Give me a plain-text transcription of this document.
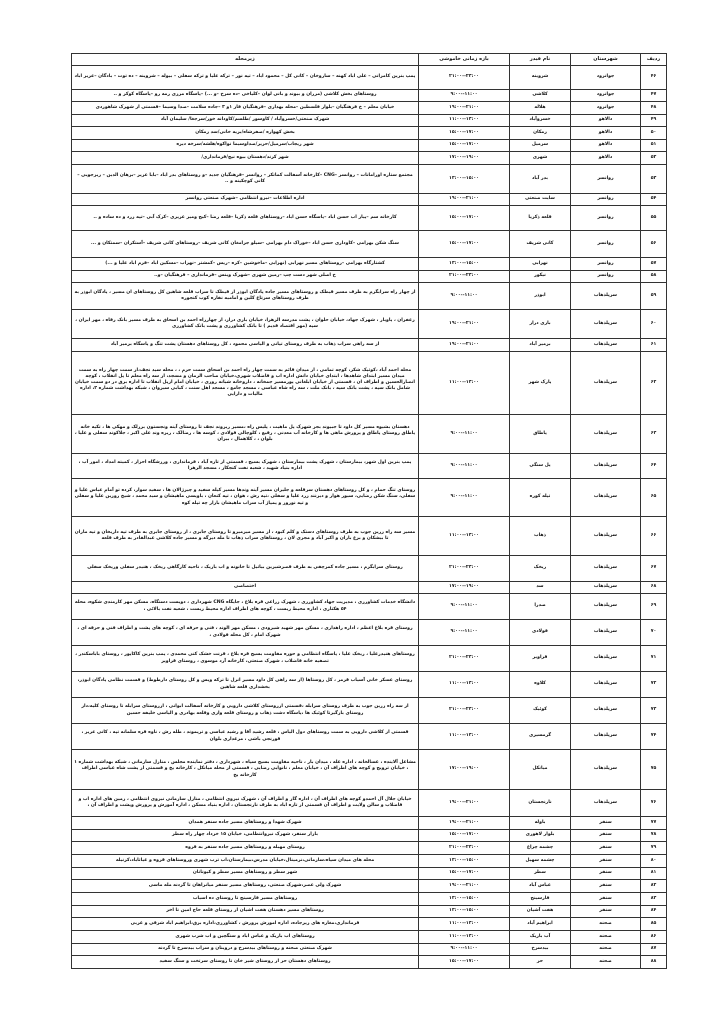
ردیف	شهرستان	نام فیدر	بازه زمانی خاموشی	زیرمحله
۴۶	جوانرود	شروینه	۲۱:۰۰--۲۳:۰۰	پمپ بنزین کامرانی – علی اباد کهنه – ساروخان – کانی کل – محمود اباد – تپه نور – ترکه علیا و ترکه سفلی – بیوله – شروینه – ده توت – بادگان –عزیز اباد
۴۷	جوانرود	کلاشی	۹:۰۰--۱۱:۰۰	روستاهای بخش کلاشی (مزران و بیوند و بانی لوان –کلیاخی –ده سرخ –و ...) –پاسگاه مرزی رمه رو –پاسگاه کوکر و ..
۴۸	جوانرود	هلاله	۱۹:۰۰--۲۱:۰۰	خیابان معلم – خ فرهنگیان –بلوار فلسطین –محله بهداری –فرهنگیان فاز ۱و ۳ –جاده سلامت –صدا وسیما –قسمتی از شهرک شاهوردی
۴۹	دالاهو	خسروآباد	۱۱:۰۰--۱۳:۰۰	شهرک صنعتی/خسروآباد / کاوسور /طلسم/کاودانه خور/سرجغا/ سلیمان آباد
۵۰	دالاهو	زمکان	۱۵:۰۰--۱۷:۰۰	بخش کهواره /صفرشاه/بریه خانی/سد زمکان
۵۱	دالاهو	سرمیل	۱۵:۰۰--۱۷:۰۰	شهر ریجاب/سرمیل/حریر/صداوسیما نواکوه/هلشه/سرخه دیزه
۵۲	دالاهو	شهری	۱۷:۰۰--۱۹:۰۰	شهر کرند/دهستان بیوه نیج/فرمانداری/
۵۳	روانسر	بدر آباد	۱۳:۰۰--۱۵:۰۰	مجتمع ستاره اورامانات – روانسر –CNG –کارخانه آسفالت کماتکر – روانسر –فرهنگیان جدید –و روستاهای بدر اباد –بابا عزیز –برهان الدین – زیرجوبی – کانی کوچکینه و ..
۵۴	روانسر	سایت صنعتی	۱۹:۰۰--۲۱:۰۰	اداره اطلاعات –نیرو انتظامی –شهرک صنعتی روانسر
۵۵	روانسر	قلعه ذکریا	۱۵:۰۰--۱۷:۰۰	کارخانه سم –پیاز اب حسن اباد –پاسگاه حسن اباد –روستاهای قلعه ذکریا –قلعه رضا –کیج ومیر عزیزی –کرک آبی –تپه زرد و ده ساده و ..
۵۶	روانسر	کانی شریف	۱۵:۰۰--۱۷:۰۰	سنگ شکن بهرامی –کاوداری حسن اباد –خوراک دام بهرامی –سیلو جرامغان کانی شریف –روستاهای کانی شریف –آستکران –سمتکان و ...
۵۷	روانسر	نهرابی	۱۳:۰۰--۱۵:۰۰	کشتارگاه بهرامی –روستاهای مسیر نهرابی (نهرابی –ماخوشین –کره –ریس –کمشتر –نهراب –مسکین اباد –فرم اباد علیا و ...)
۵۸	روانسر	نیکور	۲۱:۰۰--۲۳:۰۰	خ اصلی شهر دست چپ –زمین شهری –شهرک وینس –فرمانداری – فرهنگیان –و..
۵۹	سرپلذهاب	ابوذر	۹:۰۰--۱۱:۰۰	از چهار راه سرابگرم به طرف مسیر قیطک و روستاهای مسیر جاده پادگان ابوذر از قیطک تا سراب قلعه شاهین کل روستاهای ان مسیر ، پادگان ابوذر به طرف روستاهای سرتاغ کلین و امامیه نقاره کوب کنجوره
۶۰	سرپلذهاب	بازی دراز	۱۹:۰۰--۲۱:۰۰	زعفران ، پاوبار ، شهرک جهاد، خیابان حلوان ، پشت مدرسه الزهرا، خیابان بازی دراز، از چهارراه احمد بن اسحاق به طرف مسیر بانک رفاه ، مهر ایران ، سپه (مهر اقتصاد قدیم ) تا بانک کشاورزی و پشت بانک کشاورزی
۶۱	سرپلذهاب	بزمیر آباد	۱۹:۰۰--۲۱:۰۰	از سه راهی سراب ذهاب به طرف روستای تپانی و الیاسی محمود ، کل روستاهای دهستان پشت تنگ و پاسگاه بزمیر آباد
۶۲	سرپلذهاب	پارک شهر	۱۱:۰۰--۱۳:۰۰	محله احمد آباد ،کوثیک شکر، کوچه تمامی ، از میدان قائم به سمت چهار راه احمد بن اسحاق سمت حرم ، ، محله سید نجف،از سمت چهار راه به سمت میدان مسیر ابتدای شاهدها ، ابتدای خیابان دانش اداره اب و فاضلاب شهری،خیابان صاحب الزمان و مسجد، از سه راه معلم تا پل انقلاب ، کوچه انصارالحسین و اطراف ان ، قسمتی از خیابان ابلغانی پورمسیر جمخانه ، داروخانه شبانه روزی ، خیابان امام ازپل انقلاب تا اداره برق در دو سمت خیابان شامل بانک سپه ، پشت بانک سپه ، بانک ملت ، سه راه شاه عباسی ، مسجد جامع ، مسجد اهل سنت ، کبابی سیروان ، شبکه بهداشت شماره ۲، اداره مالیات و دارایی
۶۳	سرپلذهاب	پاطاق	۹:۰۰--۱۱:۰۰	دهستان بشیوه مسیر کل داود تا جبیوند بجز شهرک پل ماهیت ، پلیس راه ،مسیر ریزوند نجف تا روستای آینه ونجستون برزلک و مهکی ها ، تکیه خانه پاطاق روستای پاطاق و پرورش ماهی ها و کارخانه آب معدنی ، رفیع ، کلوچالی فولادی ، کوسه ها ، رضالک ، ریزه وند علی اکبر ، جلاکوند سفلی و علیا ، بلوان ، ، کلاهمال ، بیران
۶۴	سرپلذهاب	پل سنگی	۹:۰۰--۱۱:۰۰	پمپ بنزین اول شهر، بیمارستان ، شهرک پشت بیمارستان ، شهرک بسیج ، قسمتی از تازه آباد ، فرمانداری ، ورزشگاه احراز ، کمیته امداد ، امور آب ، اداره بنیاد شهید ، شعبه نفت کنجکاز ، مسجد الزهرا
۶۵	سرپلذهاب	تپله کوره	۹:۰۰--۱۱:۰۰	روستای تنگ حمام ، و کل روستاهای دهستان سرقلعه و جلیران مسیر آینه وندها مسیر کیله سفید و چیرژالان ها ، سفید سوار، کرده تو آمام عباس علیا و سفلی، سنگ شکن رضایی، سیور هوار و دیرنند زرد علیا و سفلی ،تپه رش ، هوان ، تپه کنعان ، باویسی ماهیشان و سید محمد ، شیخ روزین علیا و سفلی و تپه نوروز و پمپاژ آب سراب ماهیشان بازار چه تپله کوه
۶۶	سرپلذهاب	ذهاب	۱۱:۰۰--۱۳:۰۰	مسیر سه راه زرین جوب به طرف روستاهای دستک و کلم کبود ، از مسیر میرمیرو تا روستای جابری ، از روستای جابری به طرف تپه داریخان و تپه ماران تا بیشکان و برغ باران و اکبر آباد و مجری لان ، روستاهای سراب ذهاب تا مله دیزگه و مسیر جاده کلاشی عبدالقادر به طرف قلعه
۶۷	سرپلذهاب	ریخک	۲۱:۰۰--۲۳:۰۰	روستای سرابگرم ، مسیر جاده کمرچقی به طرف قصرشیرین بیاتیل تا خانونه و اب باریک ، ناحیه کارگاهی ریخک ، هنیدر سفلی وریخک سفلی
۶۸	سرپلذهاب	سد	۱۷:۰۰--۱۹:۰۰	اختصاصی
۶۹	سرپلذهاب	صدرا	۹:۰۰--۱۱:۰۰	دانشگاه خدمات کشاورزی ، مدیریت جهاد کشاورزی ، شهرک زراعی قره بلاغ ، جایگاه CNG شهرداری ، دویست دستگاه، مسکن مهر کارمندی شکوه، محله ۵۴ هکتاری ، اداره محیط زیست ، کوچه های اطراف اداره محیط زیست ، شعبه نفت بالائی ،
۷۰	سرپلذهاب	فولادی	۹:۰۰--۱۱:۰۰	روستای قره بلاغ اعظم ، اداره راهداری ، مسکن مهر شهید شیرودی ، مسکن مهر الوند ، فنی و حرفه ای ، کوچه های پشت و اطراف فنی و حرفه ای ، شهرک امام ، کل محله فولادی ،
۷۱	سرپلذهاب	قراویز	۲۱:۰۰--۲۳:۰۰	روستاهای هنیدرعلیا ، ریخک علیا ، پاسگاه انتظامی و حوزه مقاومت بسیج قره بلاغ ، قرنت خشک کنی محمدی ، پمپ بنزین کاکاپور ، روستای باباسکندر ، تصفیه خانه فاضلاب ، شهرک صنعتی، کارخانه آرد موسوی ، روستای قراویز
۷۲	سرپلذهاب	کلاوه	۱۱:۰۰--۱۳:۰۰	روستای عسکر خانی آسیاب قرمز ، کل روستاها (از سه راهی کل داود مسیر انزل تا ترکه ویس و کل روستای دارطوط) و قسمت نظامی پادگان ابوذر، بخشداری قلعه شاهین
۷۳	سرپلذهاب	کوئیک	۲۱:۰۰--۲۳:۰۰	از سه راه زرین جوب به طرف روستای سرابله ،قسمتی ازروستای کلاشی دارویی و کارخانه آسفالت ابوانی ، ازروستای سرابله تا روستای کلیه،داز روستای بازگیرتا کوئیک ها ،پاسگاه دشت ذهاب و روستای قلعه وازی وقلعه بهادری و الیاسی خلیفه حسین
۷۴	سرپلذهاب	گرمسیری	۱۱:۰۰--۱۳:۰۰	قسمتی از کلاشی دارویی به سمت روستاهای دول الیاس ، قلعه رشید آقا و رشید عباسی و تریموند ، طله رش ، ناوه قره سلمانه تپه ، کانی عزیز ، قورنجی باشی ، مرغداری بلوان
۷۵	سرپلذهاب	میانکل	۱۷:۰۰--۱۹:۰۰	مشاغل آلاینده ، غسالخانه ، اداره غله ، میدان بار ، ناحیه مقاومت بسیج سپاه ، شهرداری ، دفتر نماینده مجلس ، منازل سازمانی ، شبکه بهداشت شماره ۱ ، خیابان ترویج و کوچه های اطراف آن ، خیابان معلم ، نانوایی رضایی ، قسمتی از محله میانکل ، کارخانه یخ و قسمتی از پشت شاه عباسی اطراف کارخانه یخ
۷۶	سرپلذهاب	نارنجستان	۱۹:۰۰--۲۱:۰۰	خیابان جلال آل احمدو کوچه های اطراف آن ، اداره گاز و اطراف آن ، شهرک نیروی انتظامی ، منازل سازمانی نیروی انتظامی ، زمین های اداره اب و فاضلاب و سالن ولایت و اطراف آن قسمتی از تازه اباد به طرف نارنجستان ، اداره بنیاد مسکن ، اداره آموزش و پرورش وپشت و اطراف آن ،
۷۷	سنقر	باوله	۱۹:۰۰--۲۱:۰۰	شهرک شهدا و روستاهای مسیر جاده سنقر همدان
۷۸	سنقر	بلوار لاهوری	۱۵:۰۰--۱۷:۰۰	بازار سنقر، شهرک نیروانتظامی، خیابان ۱۵ خرداد چهار راه سطر
۷۹	سنقر	چشمه چراغ	۲۱:۰۰--۲۳:۰۰	روستای مهبله و روستاهای مسیر جاده سنقر به قروه
۸۰	سنقر	چشمه سهیل	۱۳:۰۰--۱۵:۰۰	محله های میدان سپاه،سازمانی،نرمینال،خیابان مدرس،بیمارستان،اب ترب شهری وروستاهای قروه و غیاثاباد،کزنیله
۸۱	سنقر	سطر	۱۵:۰۰--۱۷:۰۰	شهر سطر و روستاهای مسیر سطر و کیوناتان
۸۲	سنقر	عباس آباد	۱۹:۰۰--۲۱:۰۰	شهرک ولی عصر،شهرک صنعتی، روستاهای مسیر سنقر میانراهان تا گردنه مله ماسی
۸۳	سنقر	فارسینج	۱۳:۰۰--۱۵:۰۰	روستاهای مسیر فارسینج تا روستای ده اسیاب
۸۴	سنقر	هفت آشیان	۱۳:۰۰--۱۵:۰۰	روستاهای مسیر دهستان هفت اشیان از روستای قلعه حاج امین تا اخر
۸۵	صحنه	ابراهیم آباد	۱۱:۰۰--۱۳:۰۰	فرمانداری،مغازه های زیرجاده، اداره اموزش پرورش ، کشاورزی،اداره برق،ابراهیم اباد شرقی و غربی
۸۶	صحنه	آب باریک	۱۱:۰۰--۱۳:۰۰	روستاهای اب باریک و عباس اباد و سنگچین و اب شرب شهری
۸۷	صحنه	بیدسرخ	۹:۰۰--۱۱:۰۰	شهرک صنعتی صحنه و روستاهای بیدسرخ و دروینان و سراب بیدسرخ تا گردنه
۸۸	صحنه	حر	۱۵:۰۰--۱۷:۰۰	روستاهای دهستان حر از روستای شیر خان تا روستای سرتخت و سنگ سفید
